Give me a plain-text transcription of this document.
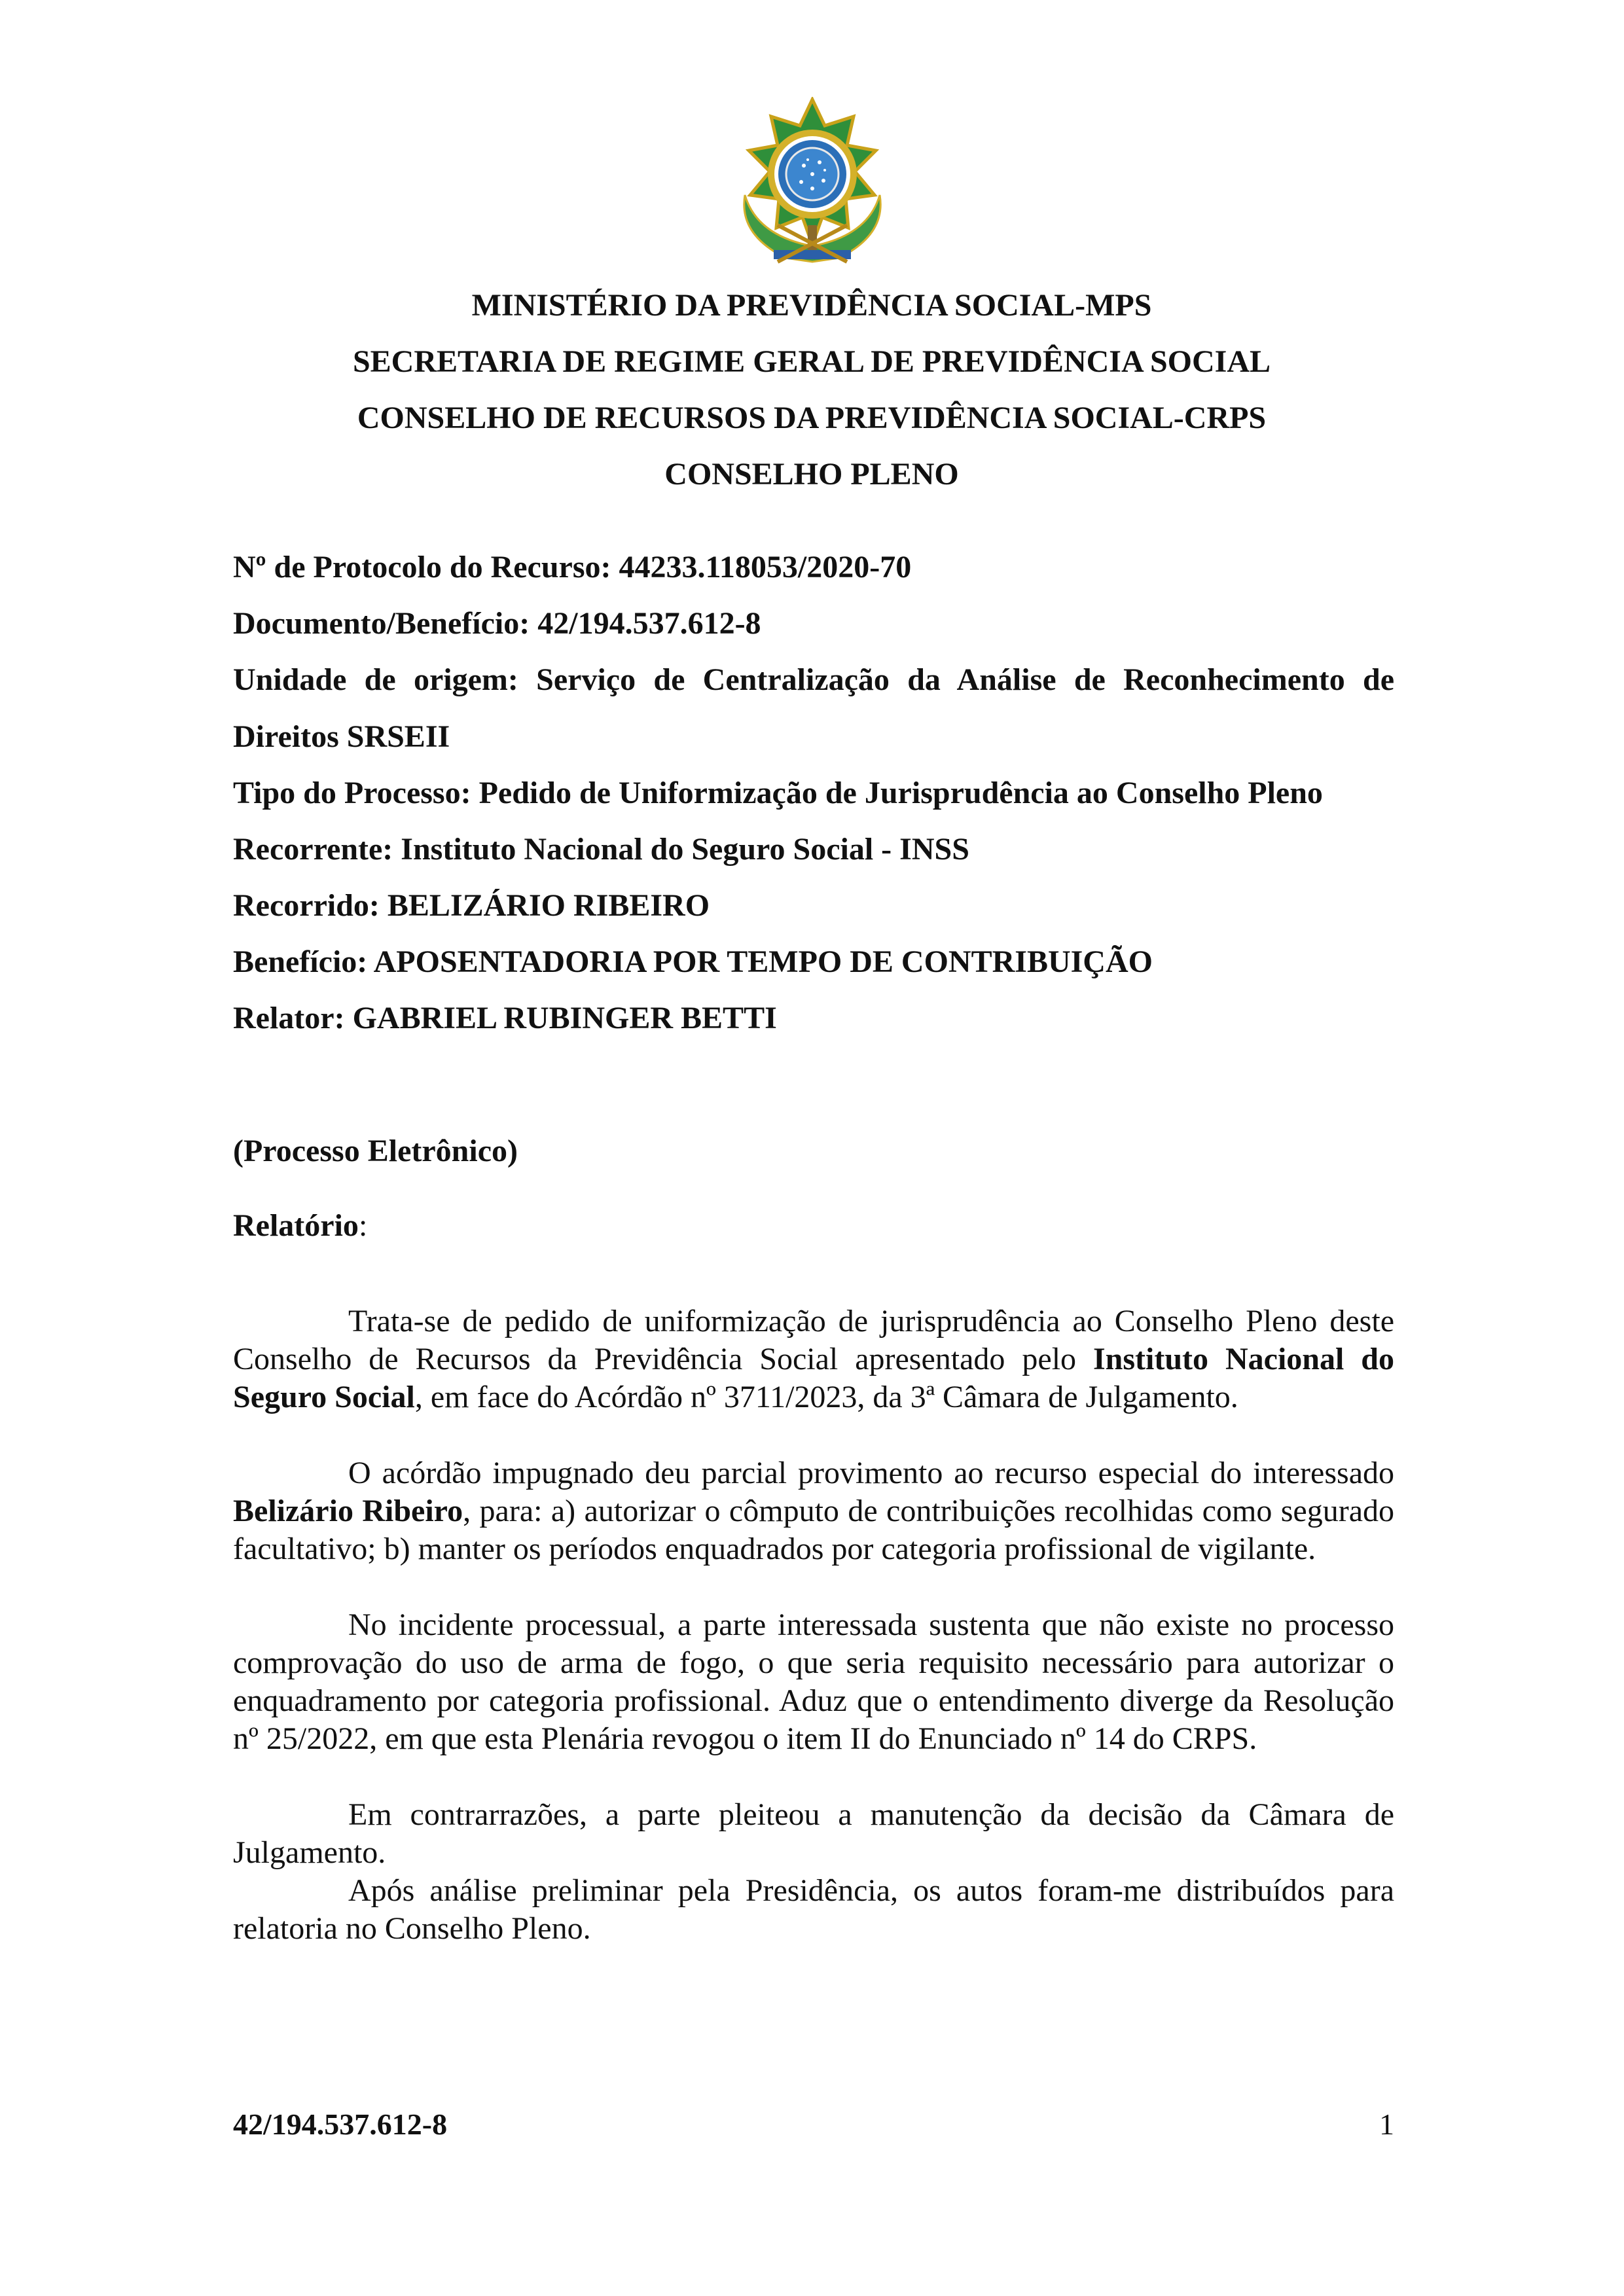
MINISTÉRIO DA PREVIDÊNCIA SOCIAL-MPS

SECRETARIA DE REGIME GERAL DE PREVIDÊNCIA SOCIAL

CONSELHO DE RECURSOS DA PREVIDÊNCIA SOCIAL-CRPS

CONSELHO PLENO

Nº de Protocolo do Recurso: 44233.118053/2020-70

Documento/Benefício: 42/194.537.612-8

Unidade de origem: Serviço de Centralização da Análise de Reconhecimento de

Direitos SRSEII

Tipo do Processo: Pedido de Uniformização de Jurisprudência ao Conselho Pleno

Recorrente: Instituto Nacional do Seguro Social - INSS

Recorrido: BELIZÁRIO RIBEIRO

Benefício: APOSENTADORIA POR TEMPO DE CONTRIBUIÇÃO

Relator: GABRIEL RUBINGER BETTI

(Processo Eletrônico)

Relatório:

Trata-se de pedido de uniformização de jurisprudência ao Conselho Pleno deste Conselho de Recursos da Previdência Social apresentado pelo Instituto Nacional do Seguro Social, em face do Acórdão nº 3711/2023, da 3ª Câmara de Julgamento.

O acórdão impugnado deu parcial provimento ao recurso especial do interessado Belizário Ribeiro, para: a) autorizar o cômputo de contribuições recolhidas como segurado facultativo; b) manter os períodos enquadrados por categoria profissional de vigilante.

No incidente processual, a parte interessada sustenta que não existe no processo comprovação do uso de arma de fogo, o que seria requisito necessário para autorizar o enquadramento por categoria profissional. Aduz que o entendimento diverge da Resolução nº 25/2022, em que esta Plenária revogou o item II do Enunciado nº 14 do CRPS.

Em contrarrazões, a parte pleiteou a manutenção da decisão da Câmara de Julgamento.

Após análise preliminar pela Presidência, os autos foram-me distribuídos para relatoria no Conselho Pleno.

42/194.537.612-8	1
